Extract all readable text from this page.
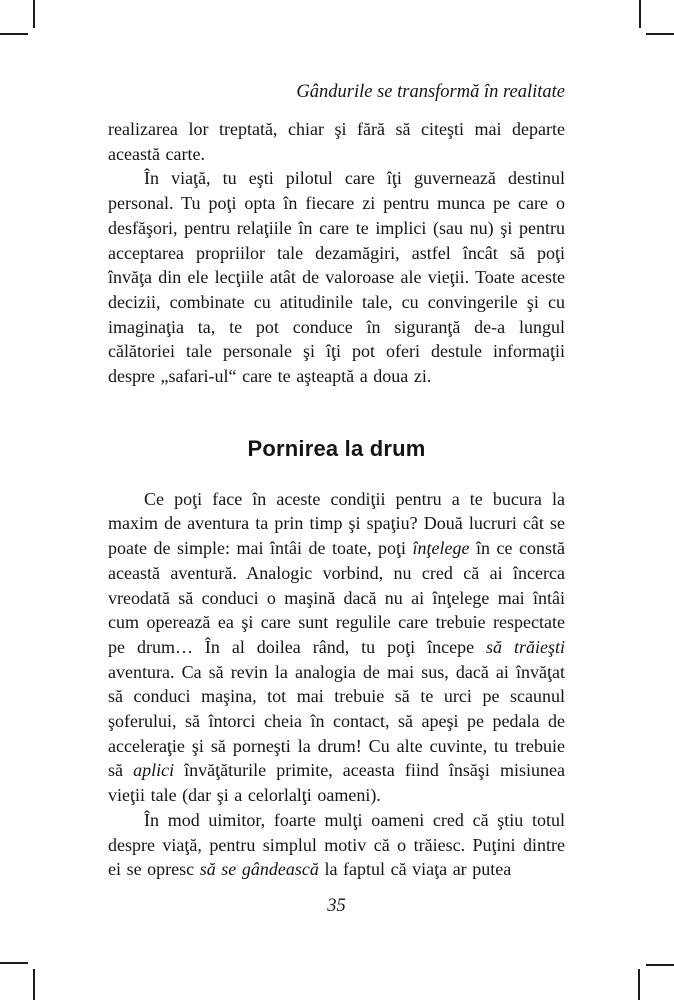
Gândurile se transformă în realitate

realizarea lor treptată, chiar şi fără să citeşti mai departe această carte.

În viaţă, tu eşti pilotul care îţi guvernează destinul personal. Tu poţi opta în fiecare zi pentru munca pe care o desfăşori, pentru relaţiile în care te implici (sau nu) şi pentru acceptarea propriilor tale dezamăgiri, astfel încât să poţi învăţa din ele lecţiile atât de valoroase ale vieţii. Toate aceste decizii, combinate cu atitudinile tale, cu convingerile şi cu imaginaţia ta, te pot conduce în siguranţă de-a lungul călătoriei tale personale şi îţi pot oferi destule informaţii despre „safari-ul“ care te aşteaptă a doua zi.

Pornirea la drum

Ce poţi face în aceste condiţii pentru a te bucura la maxim de aventura ta prin timp şi spaţiu? Două lucruri cât se poate de simple: mai întâi de toate, poţi înţelege în ce constă această aventură. Analogic vorbind, nu cred că ai încerca vreodată să conduci o maşină dacă nu ai înţelege mai întâi cum operează ea şi care sunt regulile care trebuie respectate pe drum… În al doilea rând, tu poţi începe să trăieşti aventura. Ca să revin la analogia de mai sus, dacă ai învăţat să conduci maşina, tot mai trebuie să te urci pe scaunul şoferului, să întorci cheia în contact, să apeşi pe pedala de acceleraţie şi să porneşti la drum! Cu alte cuvinte, tu trebuie să aplici învăţăturile primite, aceasta fiind însăşi misiunea vieţii tale (dar şi a celorlalţi oameni).

În mod uimitor, foarte mulţi oameni cred că ştiu totul despre viaţă, pentru simplul motiv că o trăiesc. Puţini dintre ei se opresc să se gândească la faptul că viaţa ar putea

35
